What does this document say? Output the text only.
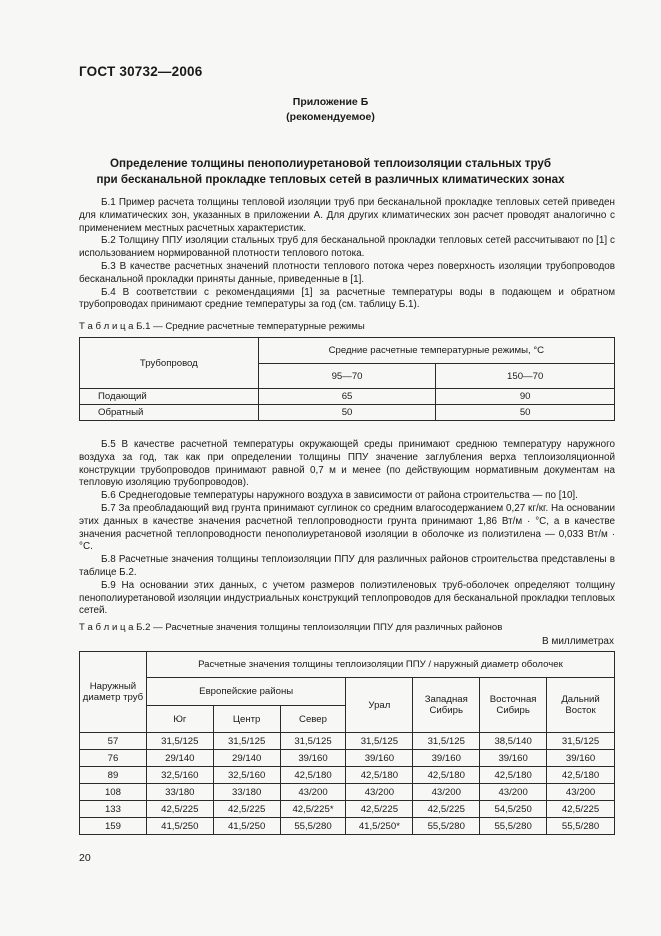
ГОСТ 30732—2006
Приложение Б
(рекомендуемое)
Определение толщины пенополиуретановой теплоизоляции стальных труб
при бесканальной прокладке тепловых сетей в различных климатических зонах

Б.1 Пример расчета толщины тепловой изоляции труб при бесканальной прокладке тепловых сетей приведен для климатических зон, указанных в приложении А. Для других климатических зон расчет проводят аналогично с применением местных расчетных характеристик.

Б.2 Толщину ППУ изоляции стальных труб для бесканальной прокладки тепловых сетей рассчитывают по [1] с использованием нормированной плотности теплового потока.

Б.3 В качестве расчетных значений плотности теплового потока через поверхность изоляции трубопроводов бесканальной прокладки приняты данные, приведенные в [1].

Б.4 В соответствии с рекомендациями [1] за расчетные температуры воды в подающем и обратном трубопроводах принимают средние температуры за год (см. таблицу Б.1).

Т а б л и ц а Б.1 — Средние расчетные температурные режимы
Трубопровод	Средние расчетные температурные режимы, °С	
	95—70	150—70
Подающий	65	90
Обратный	50	50

Б.5 В качестве расчетной температуры окружающей среды принимают среднюю температуру наружного воздуха за год, так как при определении толщины ППУ значение заглубления верха теплоизоляционной конструкции трубопроводов принимают равной 0,7 м и менее (по действующим нормативным документам на тепловую изоляцию трубопроводов).

Б.6 Среднегодовые температуры наружного воздуха в зависимости от района строительства — по [10].

Б.7 За преобладающий вид грунта принимают суглинок со средним влагосодержанием 0,27 кг/кг. На основании этих данных в качестве значения расчетной теплопроводности грунта принимают 1,86 Вт/м · °С, а в качестве значения расчетной теплопроводности пенополиуретановой изоляции в оболочке из полиэтилена — 0,033 Вт/м · °С.

Б.8 Расчетные значения толщины теплоизоляции ППУ для различных районов строительства представлены в таблице Б.2.

Б.9 На основании этих данных, с учетом размеров полиэтиленовых труб-оболочек определяют толщину пенополиуретановой изоляции индустриальных конструкций теплопроводов для бесканальной прокладки тепловых сетей.

Т а б л и ц а Б.2 — Расчетные значения толщины теплоизоляции ППУ для различных районов
В миллиметрах
Наружный диаметр труб	Расчетные значения толщины теплоизоляции ППУ / наружный диаметр оболочек						
	Европейские районы			Урал	Западная Сибирь	Восточная Сибирь	Дальний Восток
	Юг	Центр	Север				
57	31,5/125	31,5/125	31,5/125	31,5/125	31,5/125	38,5/140	31,5/125
76	29/140	29/140	39/160	39/160	39/160	39/160	39/160
89	32,5/160	32,5/160	42,5/180	42,5/180	42,5/180	42,5/180	42,5/180
108	33/180	33/180	43/200	43/200	43/200	43/200	43/200
133	42,5/225	42,5/225	42,5/225*	42,5/225	42,5/225	54,5/250	42,5/225
159	41,5/250	41,5/250	55,5/280	41,5/250*	55,5/280	55,5/280	55,5/280
20
